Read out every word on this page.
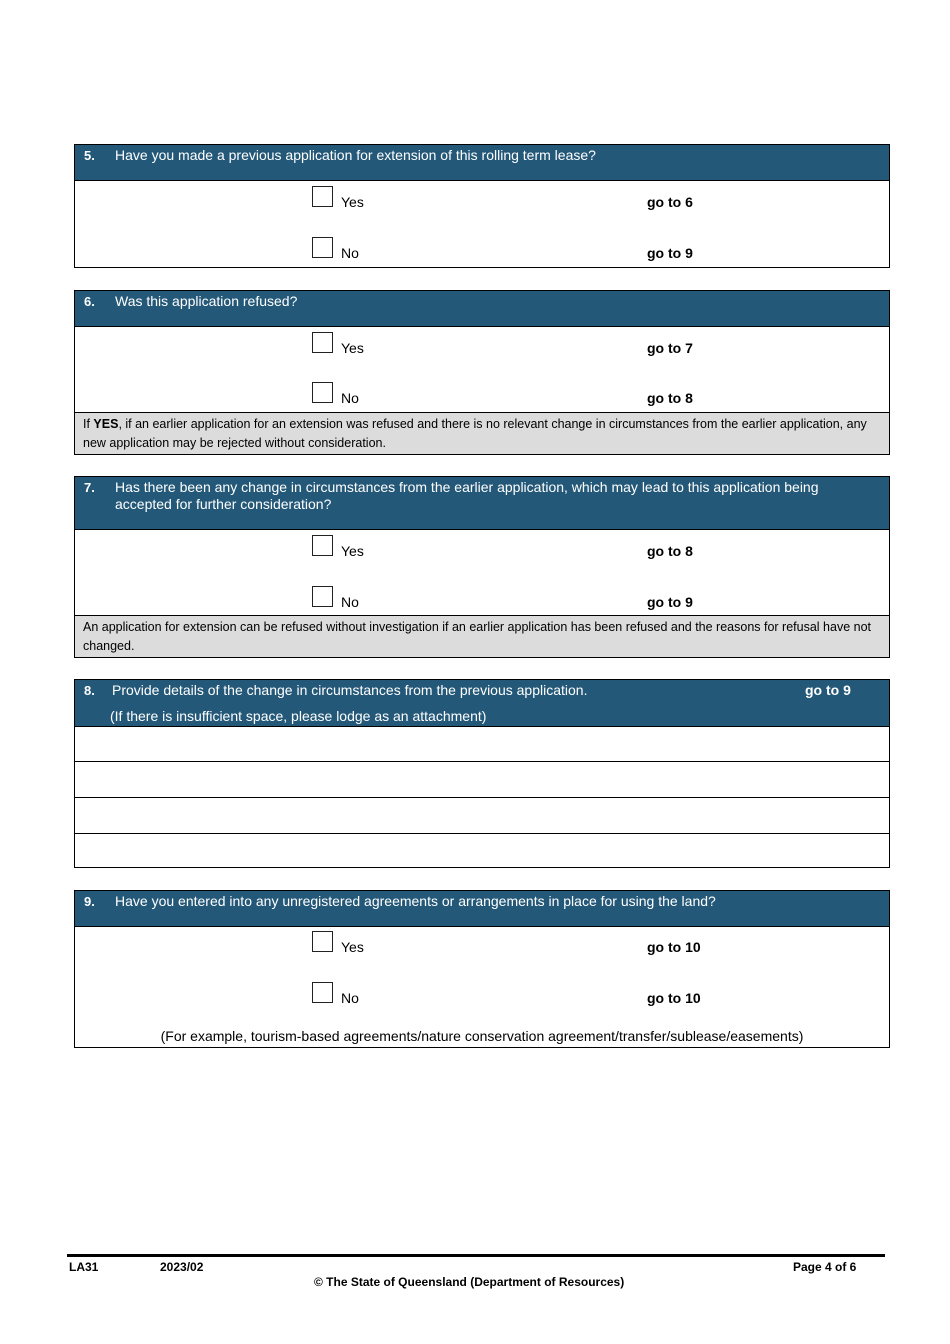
5. Have you made a previous application for extension of this rolling term lease?
Yes	go to 6
No	go to 9
6. Was this application refused?
Yes	go to 7
No	go to 8
If YES, if an earlier application for an extension was refused and there is no relevant change in circumstances from the earlier application, any new application may be rejected without consideration.
7. Has there been any change in circumstances from the earlier application, which may lead to this application being accepted for further consideration?
Yes	go to 8
No	go to 9
An application for extension can be refused without investigation if an earlier application has been refused and the reasons for refusal have not changed.
8. Provide details of the change in circumstances from the previous application.	go to 9
(If there is insufficient space, please lodge as an attachment)
9. Have you entered into any unregistered agreements or arrangements in place for using the land?
Yes	go to 10
No	go to 10
(For example, tourism-based agreements/nature conservation agreement/transfer/sublease/easements)
LA31	2023/02	Page 4 of 6
© The State of Queensland (Department of Resources)
